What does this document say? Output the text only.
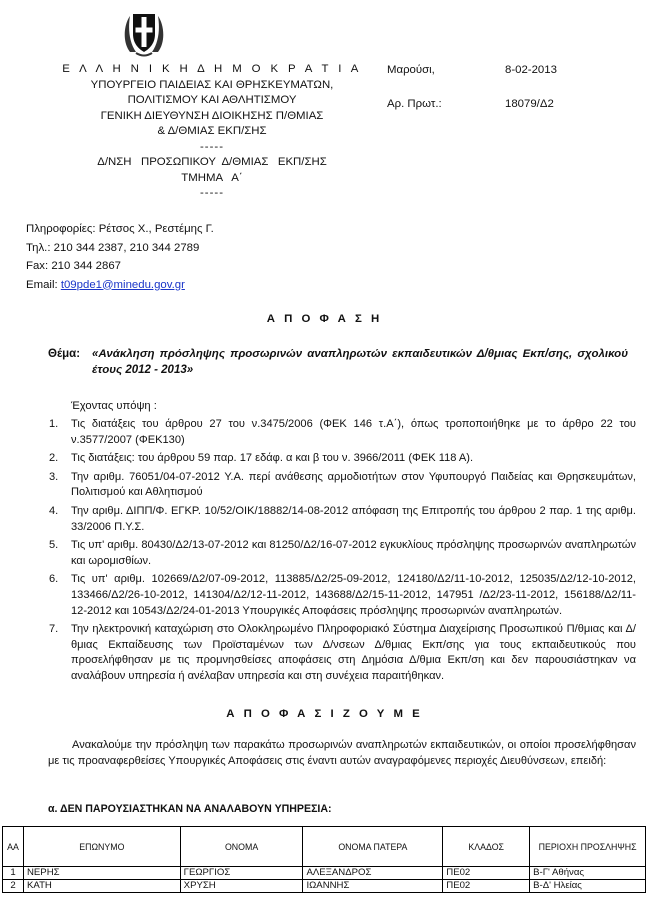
Ε Λ Λ Η Ν Ι Κ Η Δ Η Μ Ο Κ Ρ Α Τ Ι Α
ΥΠΟΥΡΓΕΙΟ ΠΑΙΔΕΙΑΣ ΚΑΙ ΘΡΗΣΚΕΥΜΑΤΩΝ,
ΠΟΛΙΤΙΣΜΟΥ ΚΑΙ ΑΘΛΗΤΙΣΜΟΥ
ΓΕΝΙΚΗ ΔΙΕΥΘΥΝΣΗ ΔΙΟΙΚΗΣΗΣ Π/ΘΜΙΑΣ
& Δ/ΘΜΙΑΣ ΕΚΠ/ΣΗΣ
-----
Δ/ΝΣΗ   ΠΡΟΣΩΠΙΚΟΥ  Δ/ΘΜΙΑΣ   ΕΚΠ/ΣΗΣ
ΤΜΗΜΑ   Α΄
-----
Μαρούσι,	8-02-2013
Αρ. Πρωτ.:	18079/Δ2
Πληροφορίες: Ρέτσος Χ., Ρεστέμης Γ.
Τηλ.: 210 344 2387, 210 344 2789
Fax: 210 344 2867
Email: t09pde1@minedu.gov.gr
Α Π Ο Φ Α Σ Η
Θέμα: «Ανάκληση πρόσληψης προσωρινών αναπληρωτών εκπαιδευτικών Δ/θμιας Εκπ/σης, σχολικού έτους 2012 - 2013»
Έχοντας υπόψη :
1. Τις διατάξεις του άρθρου 27 του ν.3475/2006 (ΦΕΚ 146 τ.Α΄), όπως τροποποιήθηκε με το άρθρο 22 του ν.3577/2007 (ΦΕΚ130)
2. Τις διατάξεις: του άρθρου 59 παρ. 17 εδάφ. α και β του ν. 3966/2011 (ΦΕΚ 118 Α).
3. Την αριθμ. 76051/04-07-2012 Υ.Α. περί ανάθεσης αρμοδιοτήτων στον Υφυπουργό Παιδείας και Θρησκευμάτων, Πολιτισμού και Αθλητισμού
4. Την αριθμ. ΔΙΠΠ/Φ. ΕΓΚΡ. 10/52/ΟΙΚ/18882/14-08-2012 απόφαση της Επιτροπής του άρθρου 2 παρ. 1 της αριθμ. 33/2006 Π.Υ.Σ.
5. Τις υπ' αριθμ. 80430/Δ2/13-07-2012 και 81250/Δ2/16-07-2012 εγκυκλίους πρόσληψης προσωρινών αναπληρωτών και ωρομισθίων.
6. Τις υπ' αριθμ. 102669/Δ2/07-09-2012, 113885/Δ2/25-09-2012, 124180/Δ2/11-10-2012, 125035/Δ2/12-10-2012, 133466/Δ2/26-10-2012, 141304/Δ2/12-11-2012, 143688/Δ2/15-11-2012, 147951 /Δ2/23-11-2012, 156188/Δ2/11-12-2012 και 10543/Δ2/24-01-2013 Υπουργικές Αποφάσεις πρόσληψης προσωρινών αναπληρωτών.
7. Την ηλεκτρονική καταχώριση στο Ολοκληρωμένο Πληροφοριακό Σύστημα Διαχείρισης Προσωπικού Π/θμιας και Δ/θμιας Εκπαίδευσης των Προϊσταμένων των Δ/νσεων Δ/θμιας Εκπ/σης για τους εκπαιδευτικούς που προσελήφθησαν με τις προμνησθείσες αποφάσεις στη Δημόσια Δ/θμια Εκπ/ση και δεν παρουσιάστηκαν να αναλάβουν υπηρεσία ή ανέλαβαν υπηρεσία και στη συνέχεια παραιτήθηκαν.
Α Π Ο Φ Α Σ Ι Ζ Ο Υ Μ Ε
Ανακαλούμε την πρόσληψη των παρακάτω προσωρινών αναπληρωτών εκπαιδευτικών, οι οποίοι προσελήφθησαν με τις προαναφερθείσες Υπουργικές Αποφάσεις στις έναντι αυτών αναγραφόμενες περιοχές Διευθύνσεων, επειδή:
α. ΔΕΝ ΠΑΡΟΥΣΙΑΣΤΗΚΑΝ ΝΑ ΑΝΑΛΑΒΟΥΝ ΥΠΗΡΕΣΙΑ:
ΑΑ	ΕΠΩΝΥΜΟ	ΟΝΟΜΑ	ΟΝΟΜΑ ΠΑΤΕΡΑ	ΚΛΑΔΟΣ	ΠΕΡΙΟΧΗ ΠΡΟΣΛΗΨΗΣ
1	ΝΕΡΗΣ	ΓΕΩΡΓΙΟΣ	ΑΛΕΞΑΝΔΡΟΣ	ΠΕ02	Β-Γ' Αθήνας
2	ΚΑΤΗ	ΧΡΥΣΗ	ΙΩΑΝΝΗΣ	ΠΕ02	Β-Δ' Ηλείας
